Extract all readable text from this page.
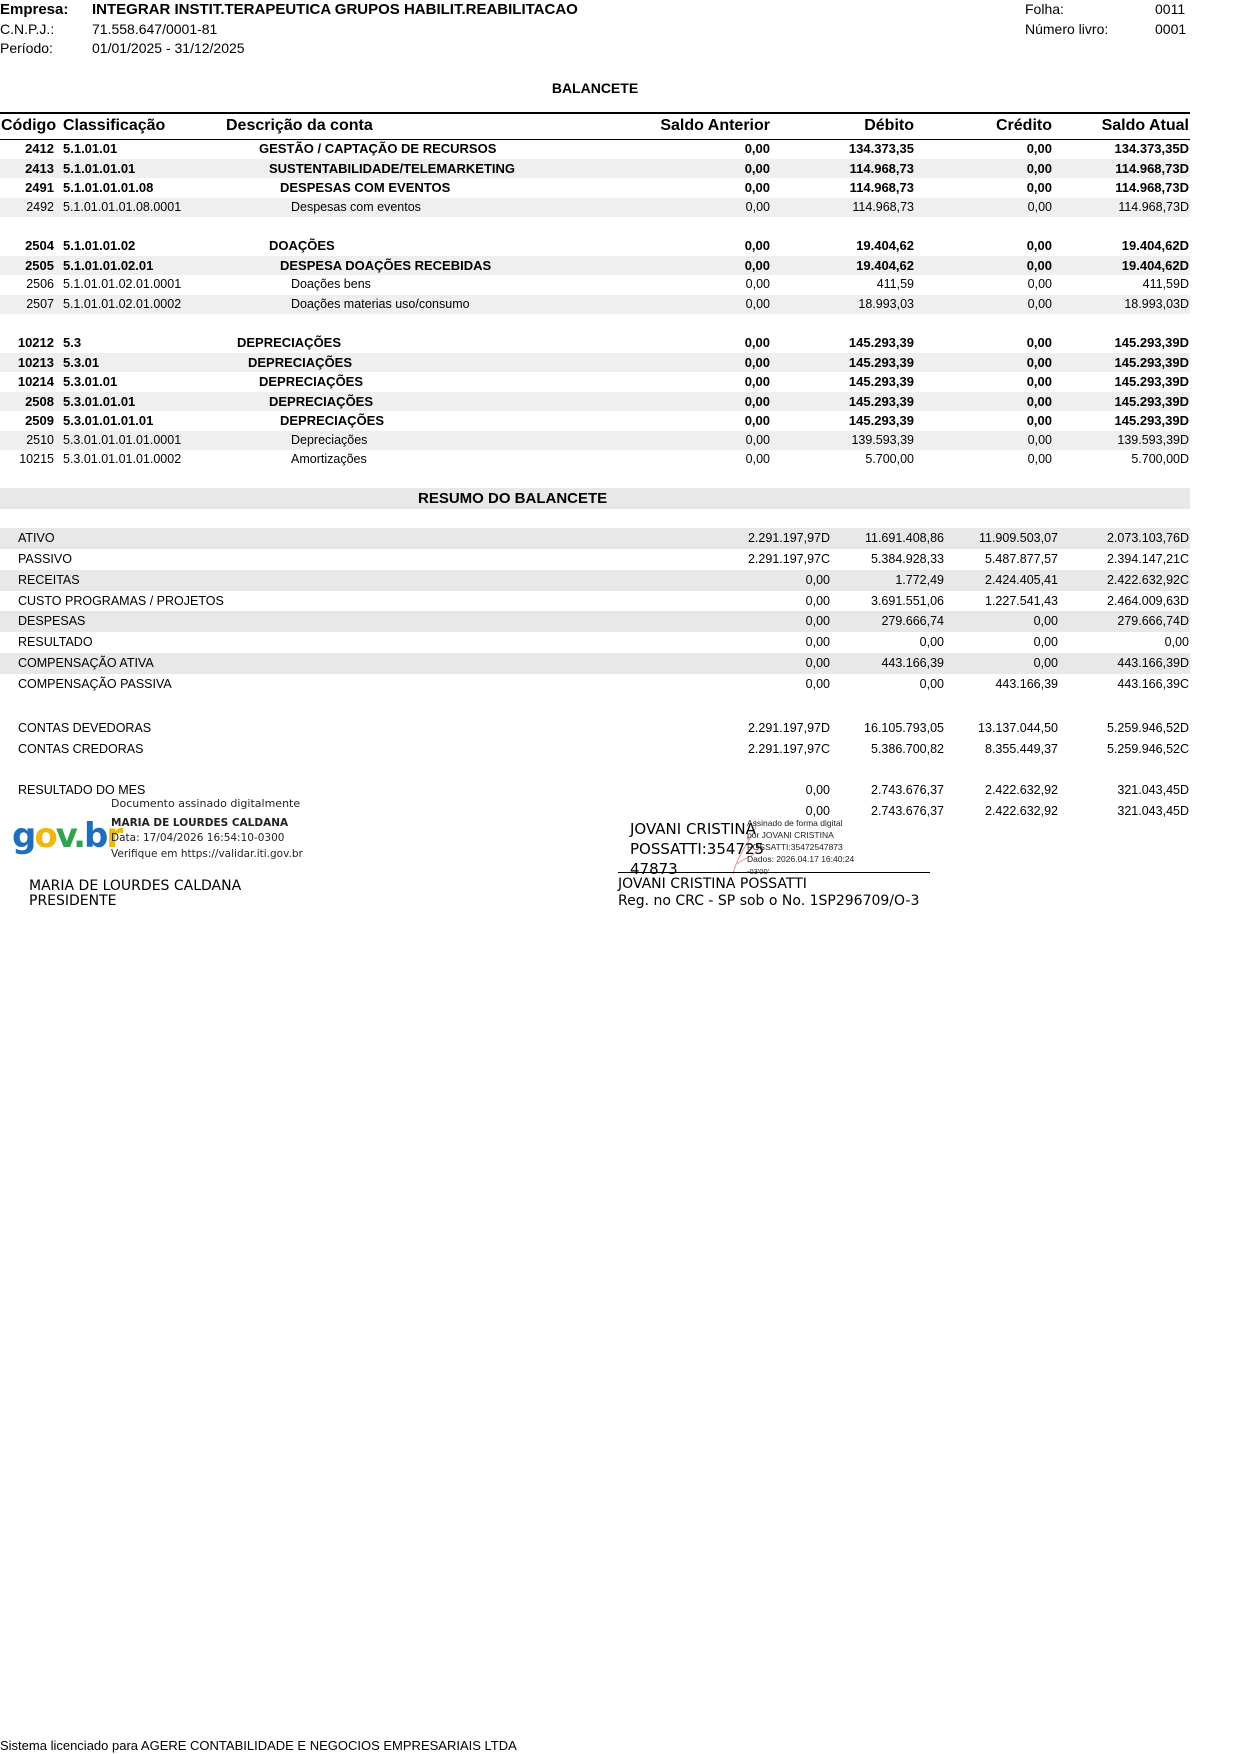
Empresa: INTEGRAR INSTIT.TERAPEUTICA GRUPOS HABILIT.REABILITACAO
C.N.P.J.:	71.558.647/0001-81
Período:	01/01/2025 - 31/12/2025
Folha:	0011
Número livro:	0001
BALANCETE
Código Classificação	Descrição da conta	Saldo Anterior	Débito	Crédito	Saldo Atual
2412 5.1.01.01	GESTÃO / CAPTAÇÃO DE RECURSOS	0,00	134.373,35	0,00	134.373,35D
2413 5.1.01.01.01	SUSTENTABILIDADE/TELEMARKETING	0,00	114.968,73	0,00	114.968,73D
2491 5.1.01.01.01.08	DESPESAS COM EVENTOS	0,00	114.968,73	0,00	114.968,73D
2492 5.1.01.01.01.08.0001	Despesas com eventos	0,00	114.968,73	0,00	114.968,73D
2504 5.1.01.01.02	DOAÇÕES	0,00	19.404,62	0,00	19.404,62D
2505 5.1.01.01.02.01	DESPESA DOAÇÕES RECEBIDAS	0,00	19.404,62	0,00	19.404,62D
2506 5.1.01.01.02.01.0001	Doações bens	0,00	411,59	0,00	411,59D
2507 5.1.01.01.02.01.0002	Doações materias uso/consumo	0,00	18.993,03	0,00	18.993,03D
10212 5.3	DEPRECIAÇÕES	0,00	145.293,39	0,00	145.293,39D
10213 5.3.01	DEPRECIAÇÕES	0,00	145.293,39	0,00	145.293,39D
10214 5.3.01.01	DEPRECIAÇÕES	0,00	145.293,39	0,00	145.293,39D
2508 5.3.01.01.01	DEPRECIAÇÕES	0,00	145.293,39	0,00	145.293,39D
2509 5.3.01.01.01.01	DEPRECIAÇÕES	0,00	145.293,39	0,00	145.293,39D
2510 5.3.01.01.01.01.0001	Depreciações	0,00	139.593,39	0,00	139.593,39D
10215 5.3.01.01.01.01.0002	Amortizações	0,00	5.700,00	0,00	5.700,00D
RESUMO DO BALANCETE
ATIVO	2.291.197,97D	11.691.408,86	11.909.503,07	2.073.103,76D
PASSIVO	2.291.197,97C	5.384.928,33	5.487.877,57	2.394.147,21C
RECEITAS	0,00	1.772,49	2.424.405,41	2.422.632,92C
CUSTO PROGRAMAS / PROJETOS	0,00	3.691.551,06	1.227.541,43	2.464.009,63D
DESPESAS	0,00	279.666,74	0,00	279.666,74D
RESULTADO	0,00	0,00	0,00	0,00
COMPENSAÇÃO ATIVA	0,00	443.166,39	0,00	443.166,39D
COMPENSAÇÃO PASSIVA	0,00	0,00	443.166,39	443.166,39C
CONTAS DEVEDORAS	2.291.197,97D	16.105.793,05	13.137.044,50	5.259.946,52D
CONTAS CREDORAS	2.291.197,97C	5.386.700,82	8.355.449,37	5.259.946,52C
RESULTADO DO MES	0,00	2.743.676,37	2.422.632,92	321.043,45D
0,00	2.743.676,37	2.422.632,92	321.043,45D
gov.br
Documento assinado digitalmente
MARIA DE LOURDES CALDANA
Data: 17/04/2026 16:54:10-0300
Verifique em https://validar.iti.gov.br
MARIA DE LOURDES CALDANA
PRESIDENTE
JOVANI CRISTINA
POSSATTI:354725
47873
Assinado de forma digital
por JOVANI CRISTINA
POSSATTI:35472547873
Dados: 2026.04.17 16:40:24
-03'00'
JOVANI CRISTINA POSSATTI
Reg. no CRC - SP sob o No. 1SP296709/O-3
Sistema licenciado para AGERE CONTABILIDADE E NEGOCIOS EMPRESARIAIS LTDA
